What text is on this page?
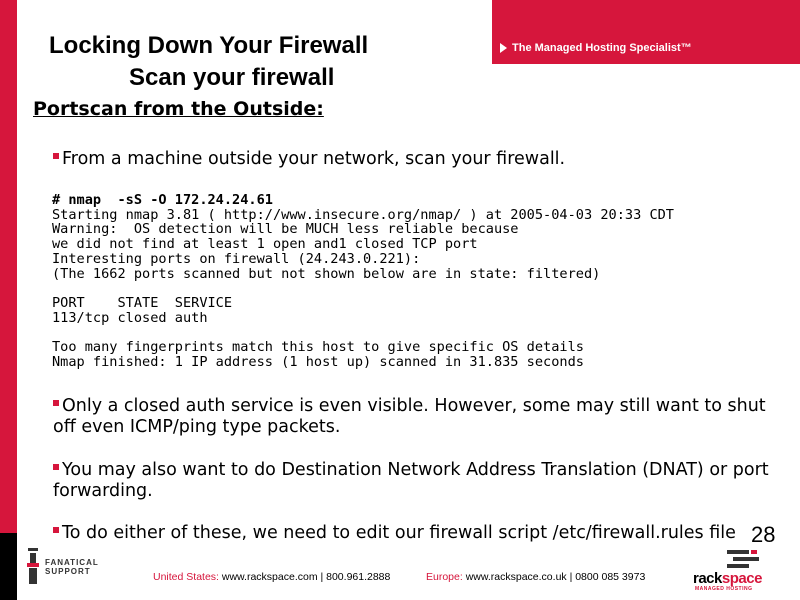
The Managed Hosting Specialist™
Locking Down Your Firewall
Scan your firewall
Portscan from the Outside:
From a machine outside your network, scan your firewall.
# nmap  -sS -O 172.24.24.61
Starting nmap 3.81 ( http://www.insecure.org/nmap/ ) at 2005-04-03 20:33 CDT
Warning:  OS detection will be MUCH less reliable because
we did not find at least 1 open and1 closed TCP port
Interesting ports on firewall (24.243.0.221):
(The 1662 ports scanned but not shown below are in state: filtered)

PORT    STATE  SERVICE
113/tcp closed auth

Too many fingerprints match this host to give specific OS details
Nmap finished: 1 IP address (1 host up) scanned in 31.835 seconds
Only a closed auth service is even visible. However, some may still want to shut off even ICMP/ping type packets.
You may also want to do Destination Network Address Translation (DNAT) or port forwarding.
To do either of these, we need to edit our firewall script /etc/firewall.rules file 28
FANATICAL
SUPPORT	United States: www.rackspace.com | 800.961.2888	Europe: www.rackspace.co.uk | 0800 085 3973	rackspace
MANAGED HOSTING
